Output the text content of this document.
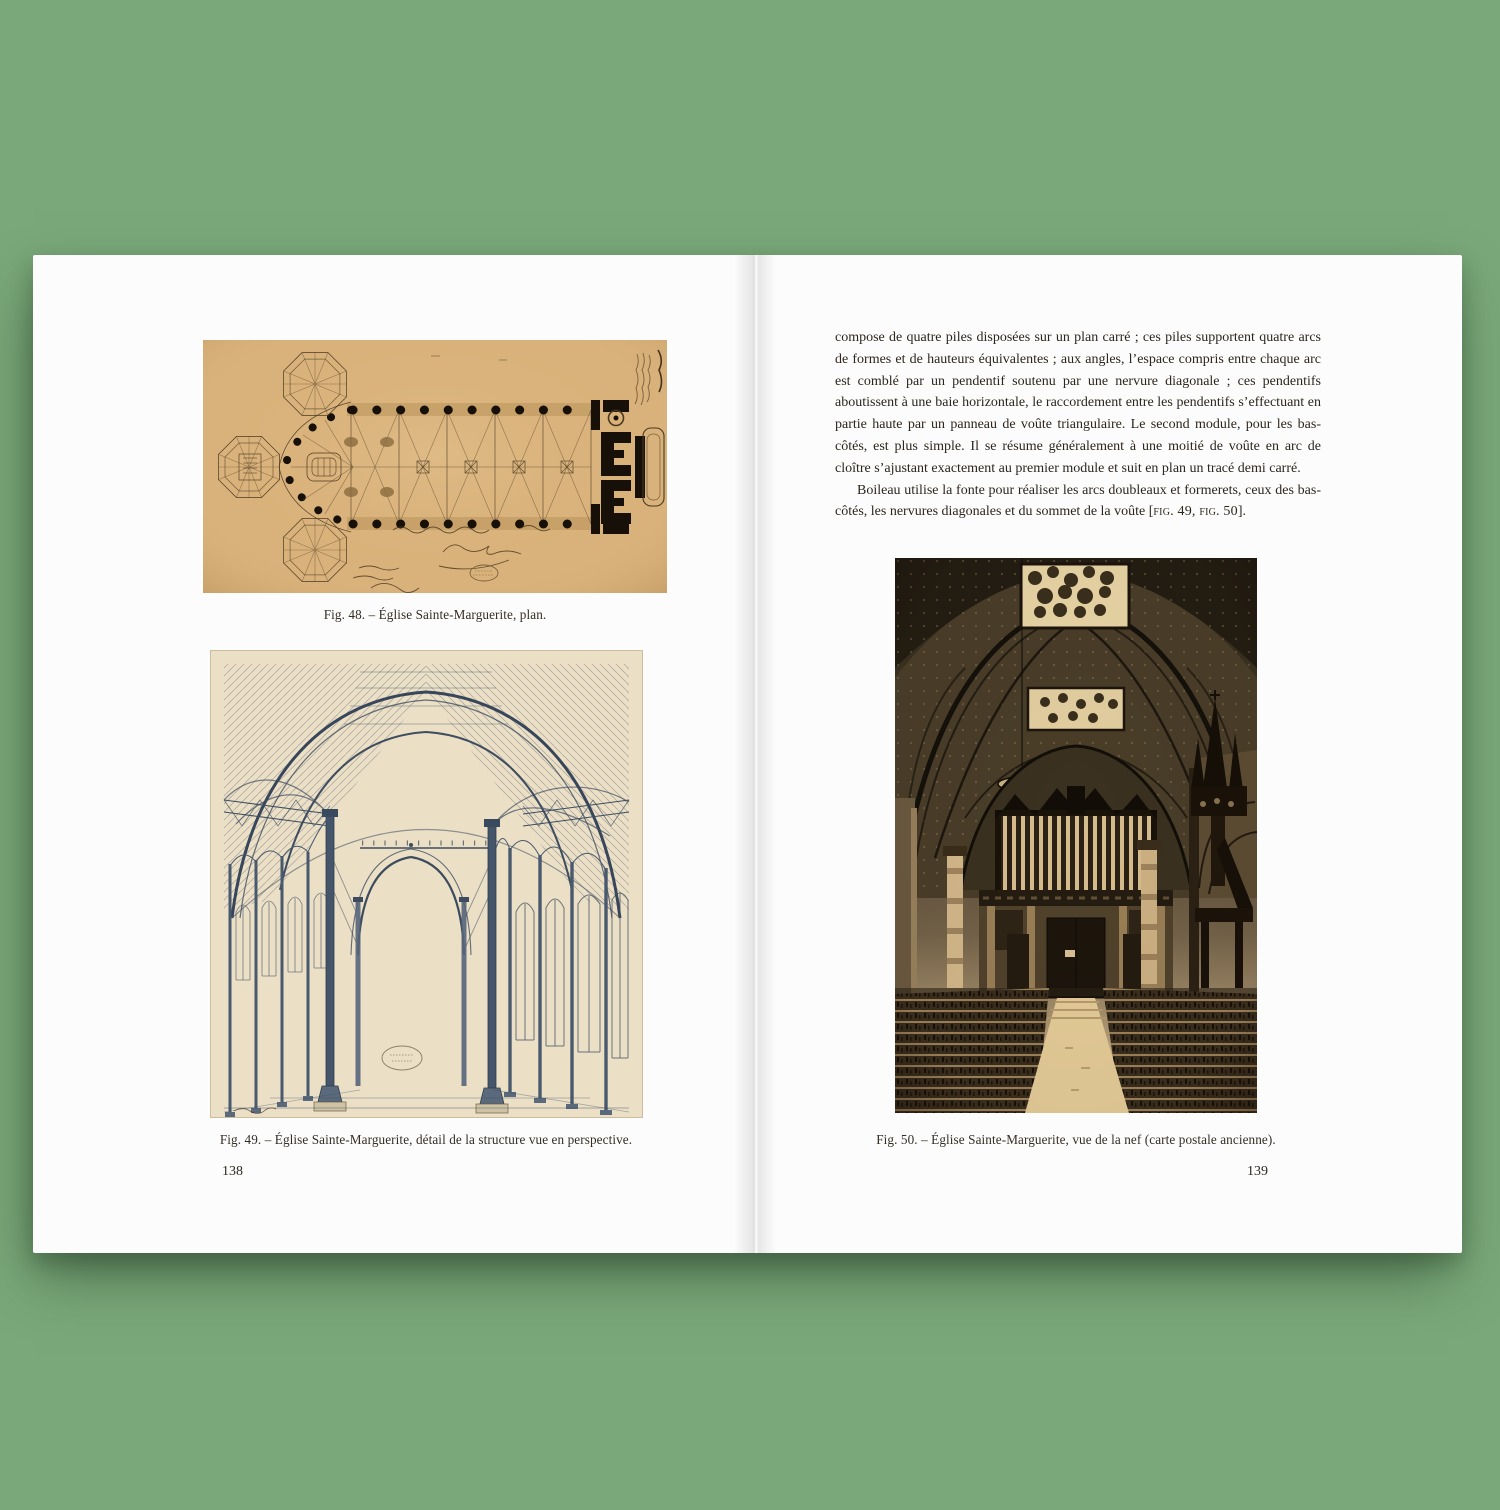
Fig. 48. – Église Sainte-Marguerite, plan.
Fig. 49. – Église Sainte-Marguerite, détail de la structure vue en perspective.
138

compose de quatre piles disposées sur un plan carré ; ces piles supportent quatre arcs de formes et de hauteurs équivalentes ; aux angles, l’espace compris entre chaque arc est comblé par un pendentif soutenu par une nervure diagonale ; ces pendentifs aboutissent à une baie horizontale, le raccordement entre les pendentifs s’effectuant en partie haute par un panneau de voûte triangulaire. Le second module, pour les bas-côtés, est plus simple. Il se résume généralement à une moitié de voûte en arc de cloître s’ajustant exactement au premier module et suit en plan un tracé demi carré.

Boileau utilise la fonte pour réaliser les arcs doubleaux et formerets, ceux des bas-côtés, les nervures diagonales et du sommet de la voûte [fig. 49, fig. 50].

Fig. 50. – Église Sainte-Marguerite, vue de la nef (carte postale ancienne).
139
